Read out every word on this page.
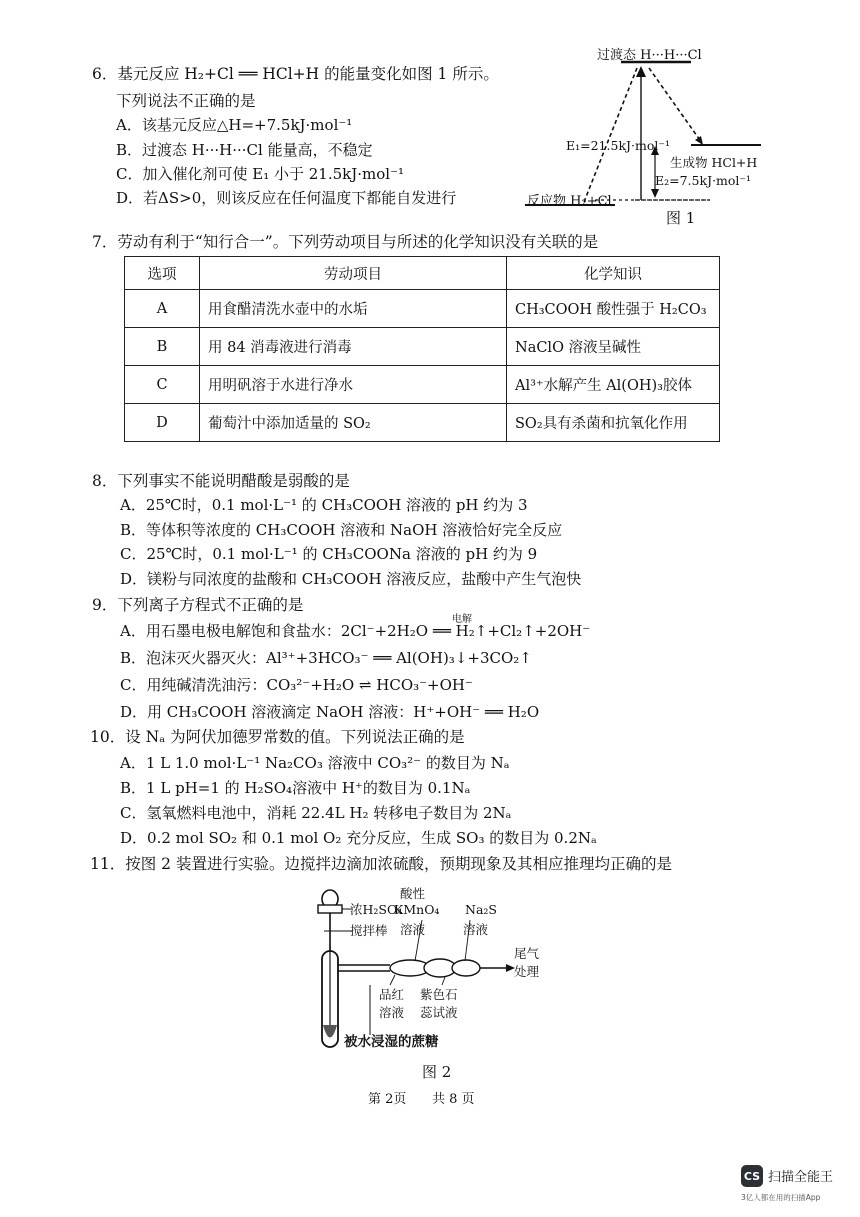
6．基元反应 H₂+Cl ══ HCl+H 的能量变化如图 1 所示。
下列说法不正确的是
A．该基元反应△H=+7.5kJ·mol⁻¹
B．过渡态 H···H···Cl 能量高，不稳定
C．加入催化剂可使 E₁ 小于 21.5kJ·mol⁻¹
D．若ΔS>0，则该反应在任何温度下都能自发进行
过渡态 H···H···Cl
E₁=21.5kJ·mol⁻¹
生成物 HCl+H
E₂=7.5kJ·mol⁻¹
反应物 H₂+Cl
图 1
7．劳动有利于“知行合一”。下列劳动项目与所述的化学知识没有关联的是
选项	劳动项目	化学知识
A	用食醋清洗水壶中的水垢	CH₃COOH 酸性强于 H₂CO₃
B	用 84 消毒液进行消毒	NaClO 溶液呈碱性
C	用明矾溶于水进行净水	Al³⁺水解产生 Al(OH)₃胶体
D	葡萄汁中添加适量的 SO₂	SO₂具有杀菌和抗氧化作用
8．下列事实不能说明醋酸是弱酸的是
A．25℃时，0.1 mol·L⁻¹ 的 CH₃COOH 溶液的 pH 约为 3
B．等体积等浓度的 CH₃COOH 溶液和 NaOH 溶液恰好完全反应
C．25℃时，0.1 mol·L⁻¹ 的 CH₃COONa 溶液的 pH 约为 9
D．镁粉与同浓度的盐酸和 CH₃COOH 溶液反应，盐酸中产生气泡快
9．下列离子方程式不正确的是
电解
A．用石墨电极电解饱和食盐水：2Cl⁻+2H₂O ══ H₂↑+Cl₂↑+2OH⁻
B．泡沫灭火器灭火：Al³⁺+3HCO₃⁻ ══ Al(OH)₃↓+3CO₂↑
C．用纯碱清洗油污：CO₃²⁻+H₂O ⇌ HCO₃⁻+OH⁻
D．用 CH₃COOH 溶液滴定 NaOH 溶液：H⁺+OH⁻ ══ H₂O
10．设 Nₐ 为阿伏加德罗常数的值。下列说法正确的是
A．1 L 1.0 mol·L⁻¹ Na₂CO₃ 溶液中 CO₃²⁻ 的数目为 Nₐ
B．1 L pH=1 的 H₂SO₄溶液中 H⁺的数目为 0.1Nₐ
C．氢氧燃料电池中，消耗 22.4L H₂ 转移电子数目为 2Nₐ
D．0.2 mol SO₂ 和 0.1 mol O₂ 充分反应，生成 SO₃ 的数目为 0.2Nₐ
11．按图 2 装置进行实验。边搅拌边滴加浓硫酸，预期现象及其相应推理均正确的是
浓H₂SO₄
搅拌棒
酸性
KMnO₄
溶液
Na₂S
溶液
尾气
处理
品红
溶液
紫色石
蕊试液
被水浸湿的蔗糖
图 2
第 2页 共 8 页
CS 扫描全能王
3亿人都在用的扫描App
